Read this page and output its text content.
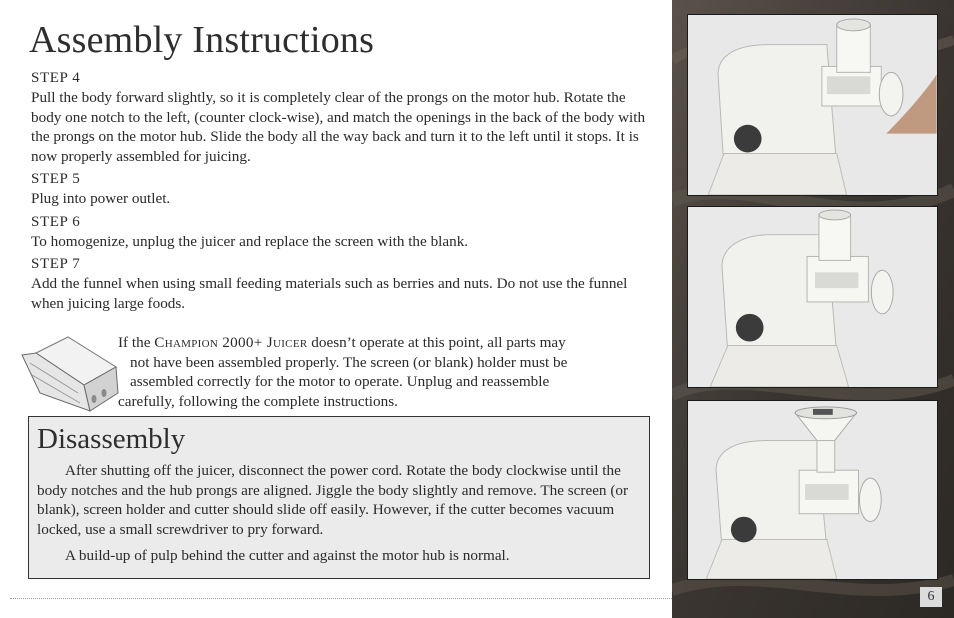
Assembly Instructions
STEP 4
Pull the body forward slightly, so it is completely clear of the prongs on the motor hub. Rotate the body one notch to the left, (counter clock-wise), and match the openings in the back of the body with the prongs on the motor hub. Slide the body all the way back and turn it to the left until it stops. It is now properly assembled for juicing.
STEP 5
Plug into power outlet.
STEP 6
To homogenize, unplug the juicer and replace the screen with the blank.
STEP 7
Add the funnel when using small feeding materials such as berries and nuts. Do not use the funnel when juicing large foods.
If the Champion 2000+ Juicer doesn’t operate at this point, all parts may
not have been assembled properly. The screen (or blank) holder must be
assembled correctly for the motor to operate. Unplug and reassemble
carefully, following the complete instructions.
Disassembly

After shutting off the juicer, disconnect the power cord. Rotate the body clockwise until the body notches and the hub prongs are aligned. Jiggle the body slightly and remove. The screen (or blank), screen holder and cutter should slide off easily. However, if the cutter becomes vacuum locked, use a small screwdriver to pry forward.

A build-up of pulp behind the cutter and against the motor hub is normal.

6
